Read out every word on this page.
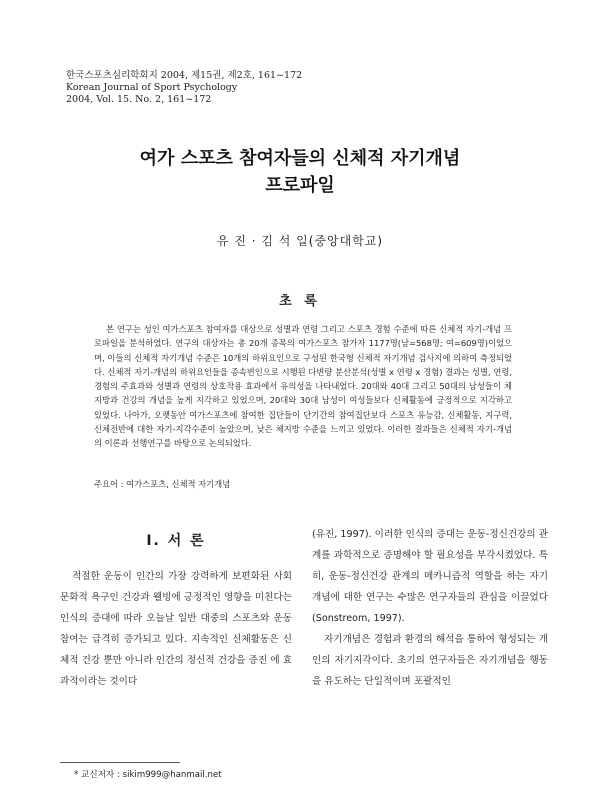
한국스포츠심리학회지 2004, 제15권, 제2호, 161~172
Korean Journal of Sport Psychology
2004, Vol. 15. No. 2, 161~172
여가 스포츠 참여자들의 신체적 자기개념
프로파일
유 진 · 김 석 일(중앙대학교)
초 록
본 연구는 성인 여가스포츠 참여자를 대상으로 성별과 연령 그리고 스포츠 경험 수준에 따른 신체적 자기-개념 프로파일을 분석하였다. 연구의 대상자는 총 20개 종목의 여가스포츠 참가자 1177명(남=568명; 여=609명)이었으며, 이들의 신체적 자기개념 수준은 10개의 하위요인으로 구성된 한국형 신체적 자기개념 검사지에 의하여 측정되었다. 신체적 자기-개념의 하위요인들을 종속변인으로 시행된 다변량 분산분석(성별 x 연령 x 경험) 결과는 성별, 연령, 경험의 주효과와 성별과 연령의 상호작용 효과에서 유의성을 나타내었다. 20대와 40대 그리고 50대의 남성들이 체지방과 건강의 개념을 높게 지각하고 있었으며, 20대와 30대 남성이 여성들보다 신체활동에 긍정적으로 지각하고 있었다. 나아가, 오랫동안 여가스포츠에 참여한 집단들이 단기간의 참여집단보다 스포츠 유능감, 신체활동, 지구력, 신체전반에 대한 자기-지각수준이 높았으며, 낮은 체지방 수준을 느끼고 있었다. 이러한 결과들은 신체적 자기-개념의 이론과 선행연구를 바탕으로 논의되었다.
주요어 : 여가스포츠, 신체적 자기개념
Ⅰ. 서 론

적절한 운동이 인간의 가장 강력하게 보편화된 사회 문화적 욕구인 건강과 웰빙에 긍정적인 영향을 미친다는 인식의 증대에 따라 오늘날 일반 대중의 스포츠와 운동 참여는 급격히 증가되고 있다. 지속적인 신체활동은 신체적 건강 뿐만 아니라 인간의 정신적 건강을 증진 에 효과적이라는 것이다

(유진, 1997). 이러한 인식의 증대는 운동-정신건강의 관계를 과학적으로 증명해야 할 필요성을 부각시켰었다. 특히, 운동-정신건강 관계의 메카니즘적 역할을 하는 자기개념에 대한 연구는 수많은 연구자들의 관심을 이끌었다(Sonstreom, 1997).

자기개념은 경험과 환경의 해석을 통하여 형성되는 개인의 자기지각이다. 초기의 연구자들은 자기개념을 행동을 유도하는 단일적이며 포괄적인

* 교신저자 : sikim999@hanmail.net
